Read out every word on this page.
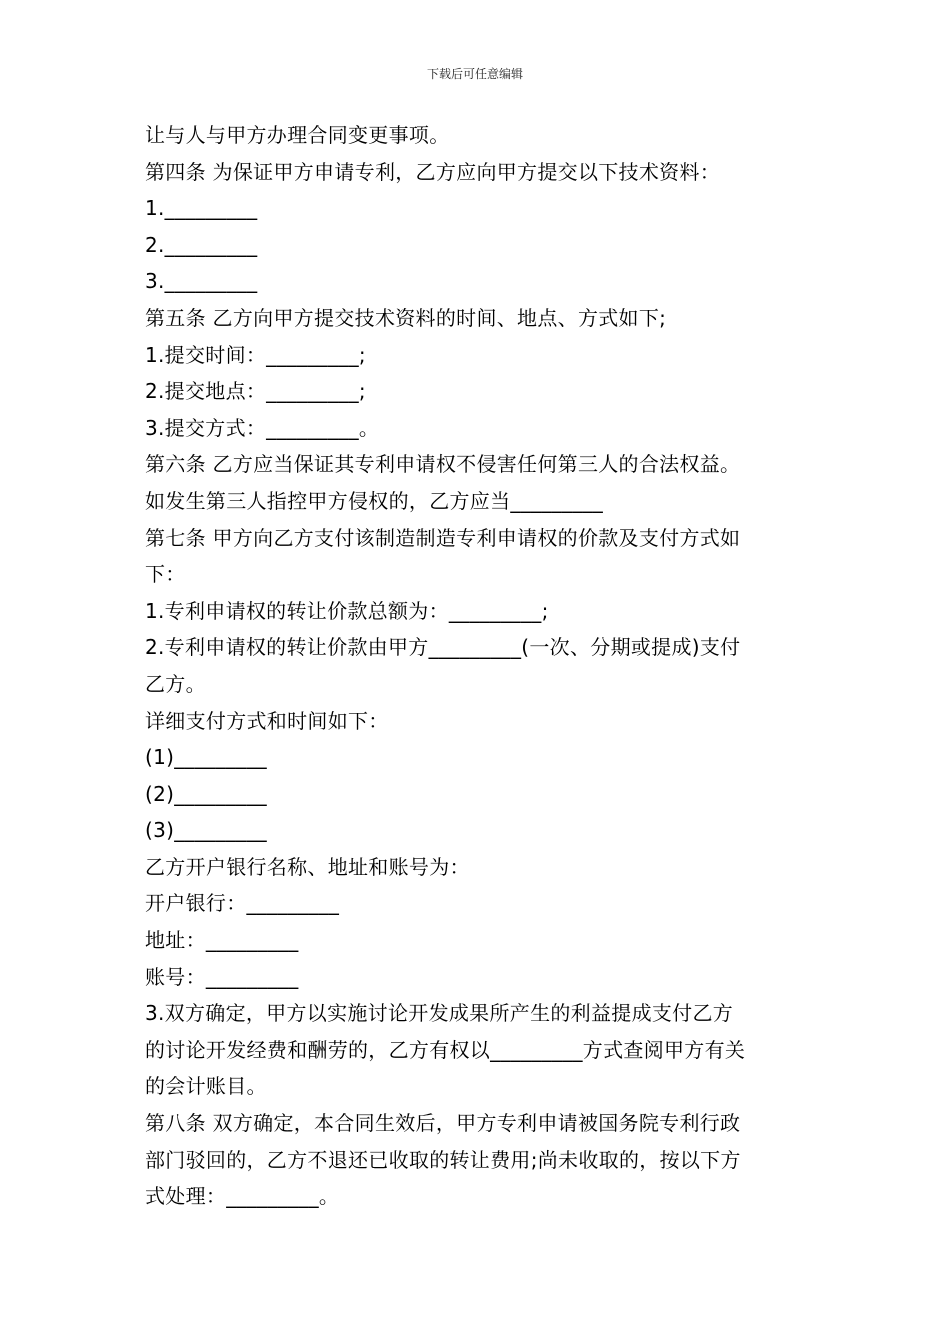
下载后可任意编辑
让与人与甲方办理合同变更事项。
第四条 为保证甲方申请专利，乙方应向甲方提交以下技术资料：
1._________
2._________
3._________
第五条 乙方向甲方提交技术资料的时间、地点、方式如下;
1.提交时间：_________;
2.提交地点：_________;
3.提交方式：_________。
第六条 乙方应当保证其专利申请权不侵害任何第三人的合法权益。
如发生第三人指控甲方侵权的，乙方应当_________
第七条 甲方向乙方支付该制造制造专利申请权的价款及支付方式如
下：
1.专利申请权的转让价款总额为：_________;
2.专利申请权的转让价款由甲方_________(一次、分期或提成)支付
乙方。
详细支付方式和时间如下：
(1)_________
(2)_________
(3)_________
乙方开户银行名称、地址和账号为：
开户银行：_________
地址：_________
账号：_________
3.双方确定，甲方以实施讨论开发成果所产生的利益提成支付乙方
的讨论开发经费和酬劳的，乙方有权以_________方式查阅甲方有关
的会计账目。
第八条 双方确定，本合同生效后，甲方专利申请被国务院专利行政
部门驳回的，乙方不退还已收取的转让费用;尚未收取的，按以下方
式处理：_________。
